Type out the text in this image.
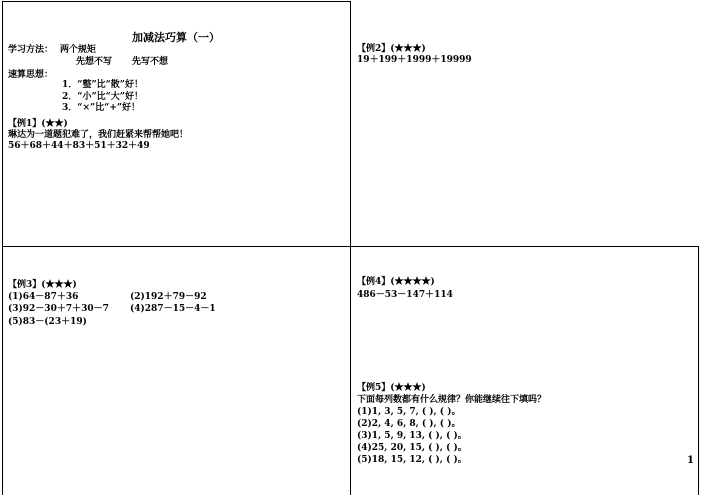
加减法巧算（一）
学习方法： 两个规矩
先想不写 先写不想
速算思想：
1．“整”比“散”好！
2．“小”比“大”好！
3．“×”比“+”好！
【例1】(★★)
琳达为一道题犯难了，我们赶紧来帮帮她吧！
56＋68＋44＋83＋51＋32＋49
【例2】(★★★)
19＋199＋1999＋19999
【例3】(★★★)
(1)64－87＋36	(2)192＋79－92
(3)92－30＋7＋30－7 (4)287－15－4－1
(5)83－(23＋19)
【例4】(★★★★)
486－53－147＋114
【例5】(★★★)
下面每列数都有什么规律？你能继续往下填吗？
(1)1, 3, 5, 7, ( ), ( )。
(2)2, 4, 6, 8, ( ), ( )。
(3)1, 5, 9, 13, ( ), ( )。
(4)25, 20, 15, ( ), ( )。
(5)18, 15, 12, ( ), ( )。	1
